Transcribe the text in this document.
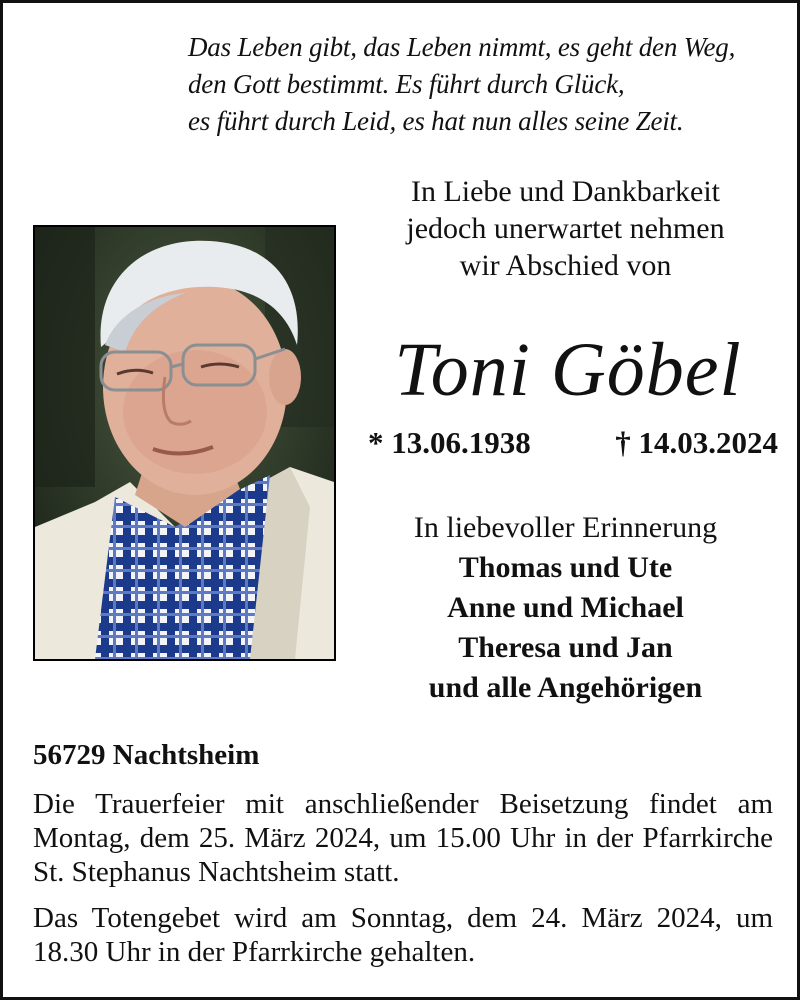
Das Leben gibt, das Leben nimmt, es geht den Weg,
den Gott bestimmt. Es führt durch Glück,
es führt durch Leid, es hat nun alles seine Zeit.
In Liebe und Dankbarkeit
jedoch unerwartet nehmen
wir Abschied von
Toni Göbel
* 13.06.1938	† 14.03.2024
In liebevoller Erinnerung
Thomas und Ute
Anne und Michael
Theresa und Jan
und alle Angehörigen
56729 Nachtsheim
Die Trauerfeier mit anschließender Beisetzung findet am Montag, dem 25. März 2024, um 15.00 Uhr in der Pfarrkirche St. Stephanus Nachtsheim statt.
Das Totengebet wird am Sonntag, dem 24. März 2024, um 18.30 Uhr in der Pfarrkirche gehalten.
